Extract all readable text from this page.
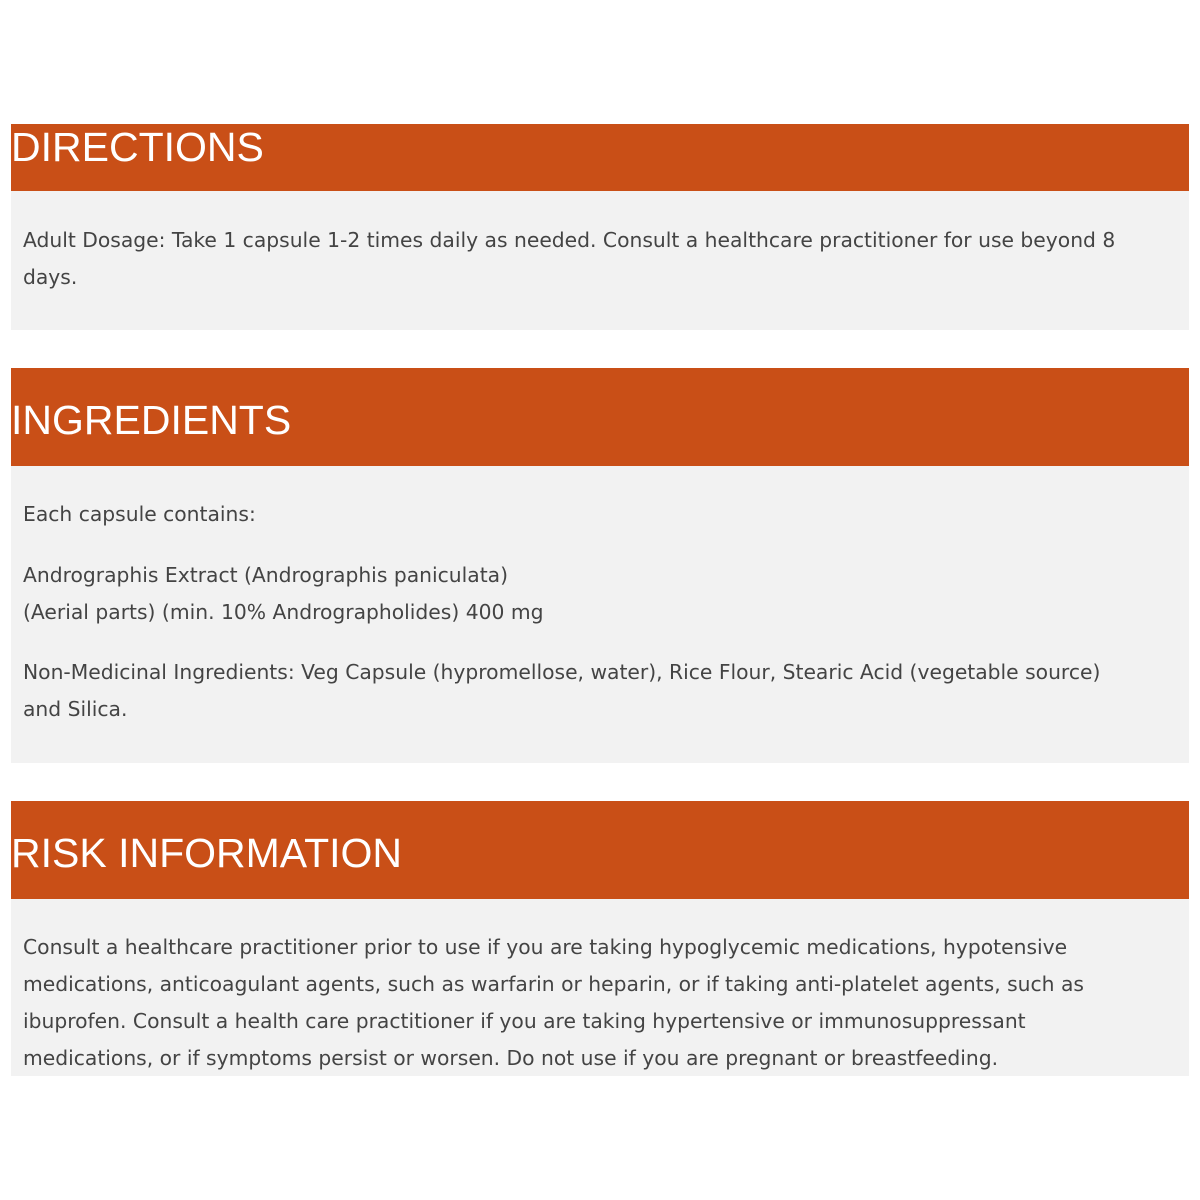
DIRECTIONS

Adult Dosage: Take 1 capsule 1-2 times daily as needed. Consult a healthcare practitioner for use beyond 8
days.

INGREDIENTS

Each capsule contains:

Andrographis Extract (Andrographis paniculata)
(Aerial parts) (min. 10% Andrographolides) 400 mg

Non-Medicinal Ingredients: Veg Capsule (hypromellose, water), Rice Flour, Stearic Acid (vegetable source)
and Silica.

RISK INFORMATION

Consult a healthcare practitioner prior to use if you are taking hypoglycemic medications, hypotensive
medications, anticoagulant agents, such as warfarin or heparin, or if taking anti-platelet agents, such as
ibuprofen. Consult a health care practitioner if you are taking hypertensive or immunosuppressant
medications, or if symptoms persist or worsen. Do not use if you are pregnant or breastfeeding.
